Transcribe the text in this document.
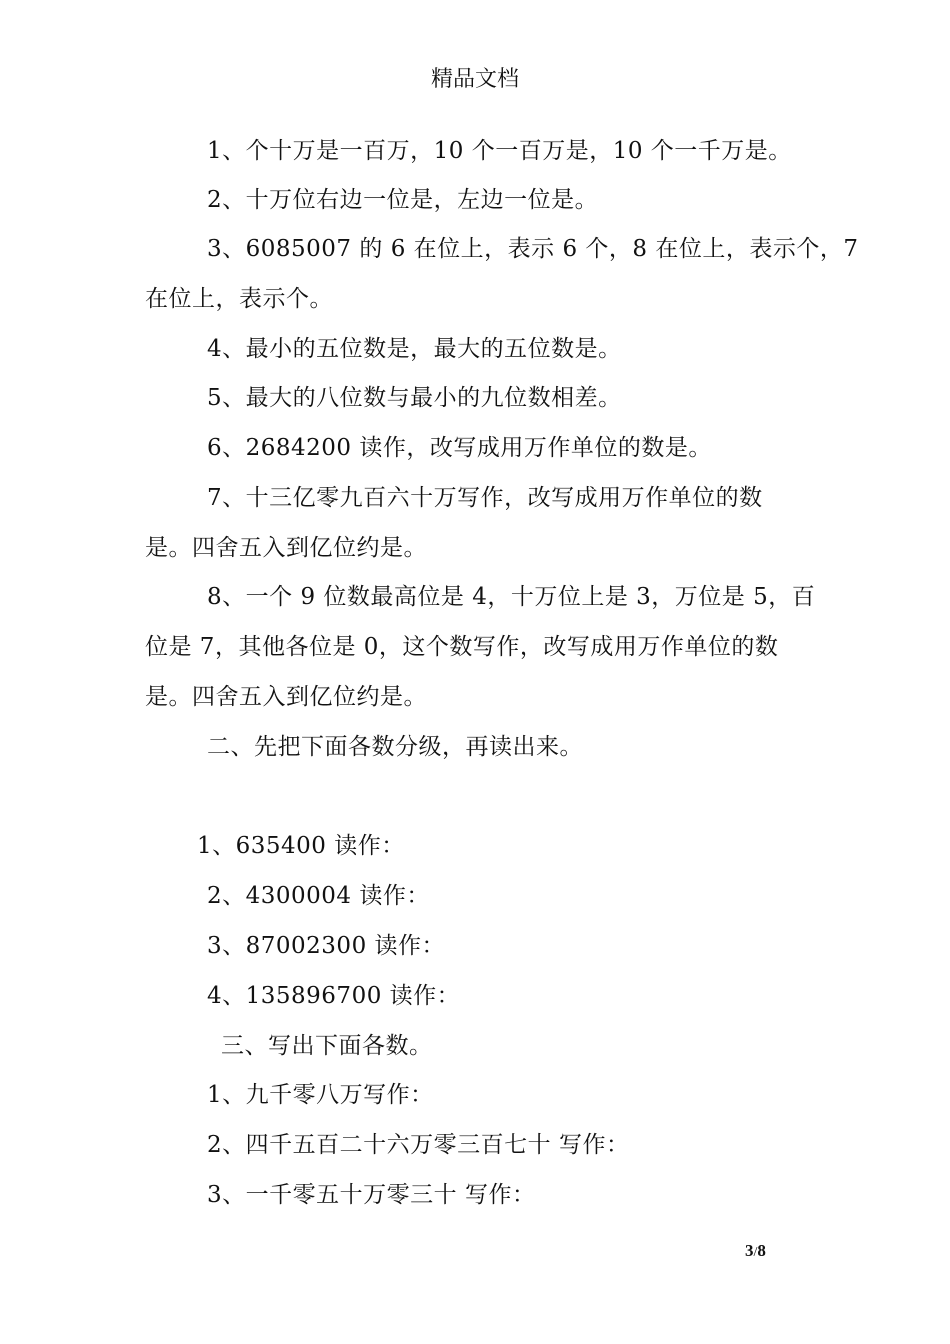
精品文档
1、个十万是一百万，10 个一百万是，10 个一千万是。
2、十万位右边一位是，左边一位是。
3、6085007 的 6 在位上，表示 6 个，8 在位上，表示个，7
在位上，表示个。
4、最小的五位数是，最大的五位数是。
5、最大的八位数与最小的九位数相差。
6、2684200 读作，改写成用万作单位的数是。
7、十三亿零九百六十万写作，改写成用万作单位的数
是。四舍五入到亿位约是。
8、一个 9 位数最高位是 4，十万位上是 3，万位是 5，百
位是 7，其他各位是 0，这个数写作，改写成用万作单位的数
是。四舍五入到亿位约是。
二、先把下面各数分级，再读出来。
1、635400 读作：
2、4300004 读作：
3、87002300 读作：
4、135896700 读作：
三、写出下面各数。
1、九千零八万写作：
2、四千五百二十六万零三百七十 写作：
3、一千零五十万零三十 写作：
3/8
